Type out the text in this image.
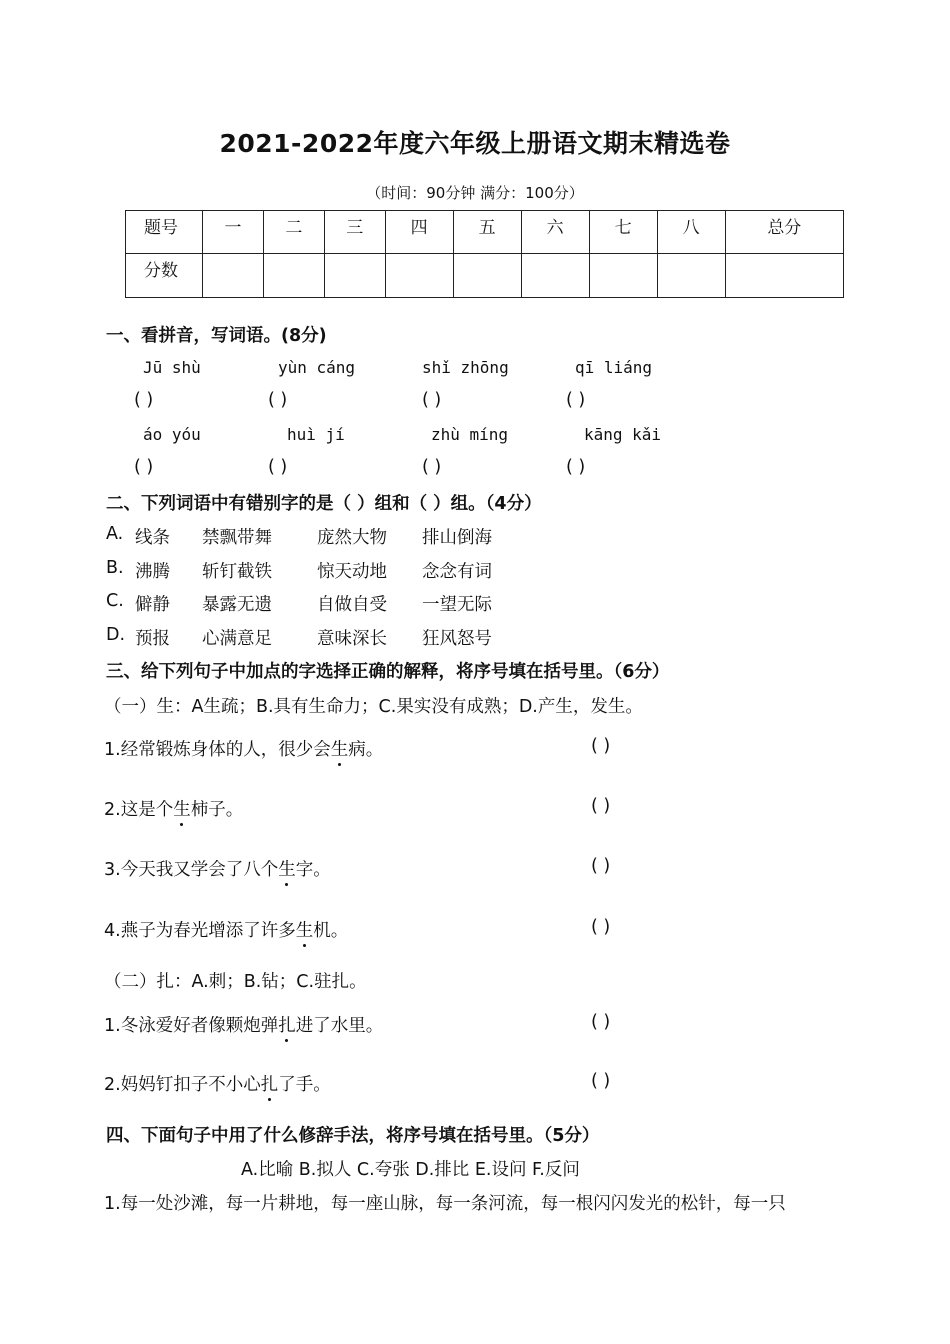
2021-2022年度六年级上册语文期末精选卷
（时间：90分钟 满分：100分）
题号	一	二	三	四	五	六	七	八	总分
分数									
一、看拼音，写词语。(8分)
Jū shù	yùn cáng	shǐ zhōng	qī liáng
( )	( )	( )	( )
áo yóu	huì jí	zhù míng	kāng kǎi
( )	( )	( )	( )
二、下列词语中有错别字的是（ ）组和（ ）组。（4分）
A. 线条 禁飘带舞	庞然大物 排山倒海
B. 沸腾 斩钉截铁	惊天动地 念念有词
C. 僻静 暴露无遗	自做自受 一望无际
D. 预报 心满意足	意味深长 狂风怒号
三、给下列句子中加点的字选择正确的解释，将序号填在括号里。（6分）
（一）生：A生疏；B.具有生命力；C.果实没有成熟；D.产生，发生。
1.经常锻炼身体的人，很少会生病。	( )
2.这是个生柿子。	( )
3.今天我又学会了八个生字。	( )
4.燕子为春光增添了许多生机。	( )
（二）扎：A.刺；B.钻；C.驻扎。
1.冬泳爱好者像颗炮弹扎进了水里。	( )
2.妈妈钉扣子不小心扎了手。	( )
四、下面句子中用了什么修辞手法，将序号填在括号里。（5分）
A.比喻 B.拟人 C.夸张 D.排比 E.设问 F.反问
1.每一处沙滩，每一片耕地，每一座山脉，每一条河流，每一根闪闪发光的松针，每一只
